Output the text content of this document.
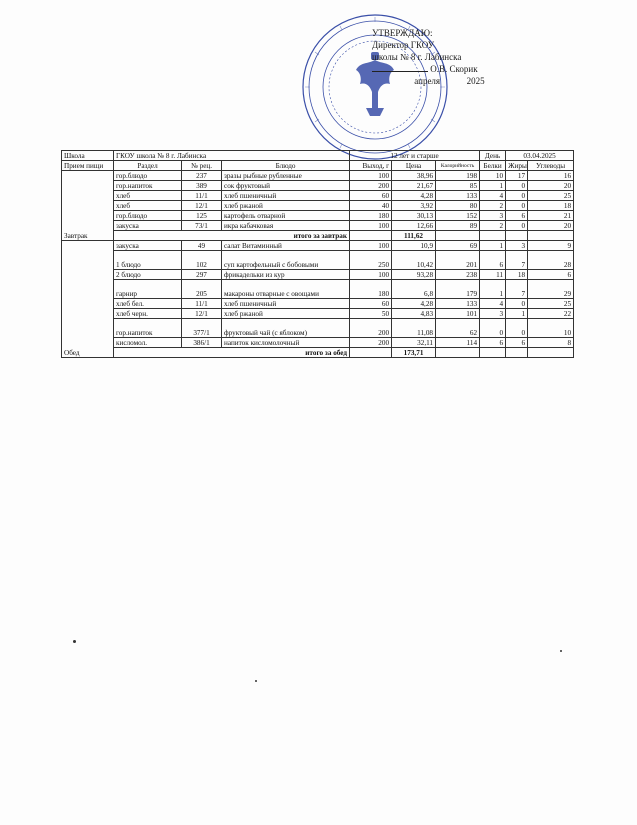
УТВЕРЖДАЮ:
Директор ГКОУ
школы № 8 г. Лабинска
О.В. Скорик
апреля	2025
Школа	ГКОУ школа № 8 г. Лабинска			12 лет и старше			День	03.04.2025	
Прием пищи	Раздел	№ рец.	Блюдо	Выход, г	Цена	Калорийность	Белки	Жиры	Углеводы
Завтрак	гор.блюдо	237	зразы рыбные рубленные	100	38,96	198	10	17	16
	гор.напиток	389	сок фруктовый	200	21,67	85	1	0	20
	хлеб	11/1	хлеб пшеничный	60	4,28	133	4	0	25
	хлеб	12/1	хлеб ржаной	40	3,92	80	2	0	18
	гор.блюдо	125	картофель отварной	180	30,13	152	3	6	21
	закуска	73/1	икра кабачковая	100	12,66	89	2	0	20
	итого за завтрак				111,62				
Обед	закуска	49	салат Витаминный	100	10,9	69	1	3	9
	1 блюдо	102	суп картофельный с бобовыми	250	10,42	201	6	7	28
	2 блюдо	297	фрикадельки из кур	100	93,28	238	11	18	6
	гарнир	205	макароны отварные с овощами	180	6,8	179	1	7	29
	хлеб бел.	11/1	хлеб пшеничный	60	4,28	133	4	0	25
	хлеб черн.	12/1	хлеб ржаной	50	4,83	101	3	1	22
	гор.напиток	377/1	фруктовый чай (с яблоком)	200	11,08	62	0	0	10
	кисломол.	386/1	напиток кисломолочный	200	32,11	114	6	6	8
	итого за обед				173,71				
